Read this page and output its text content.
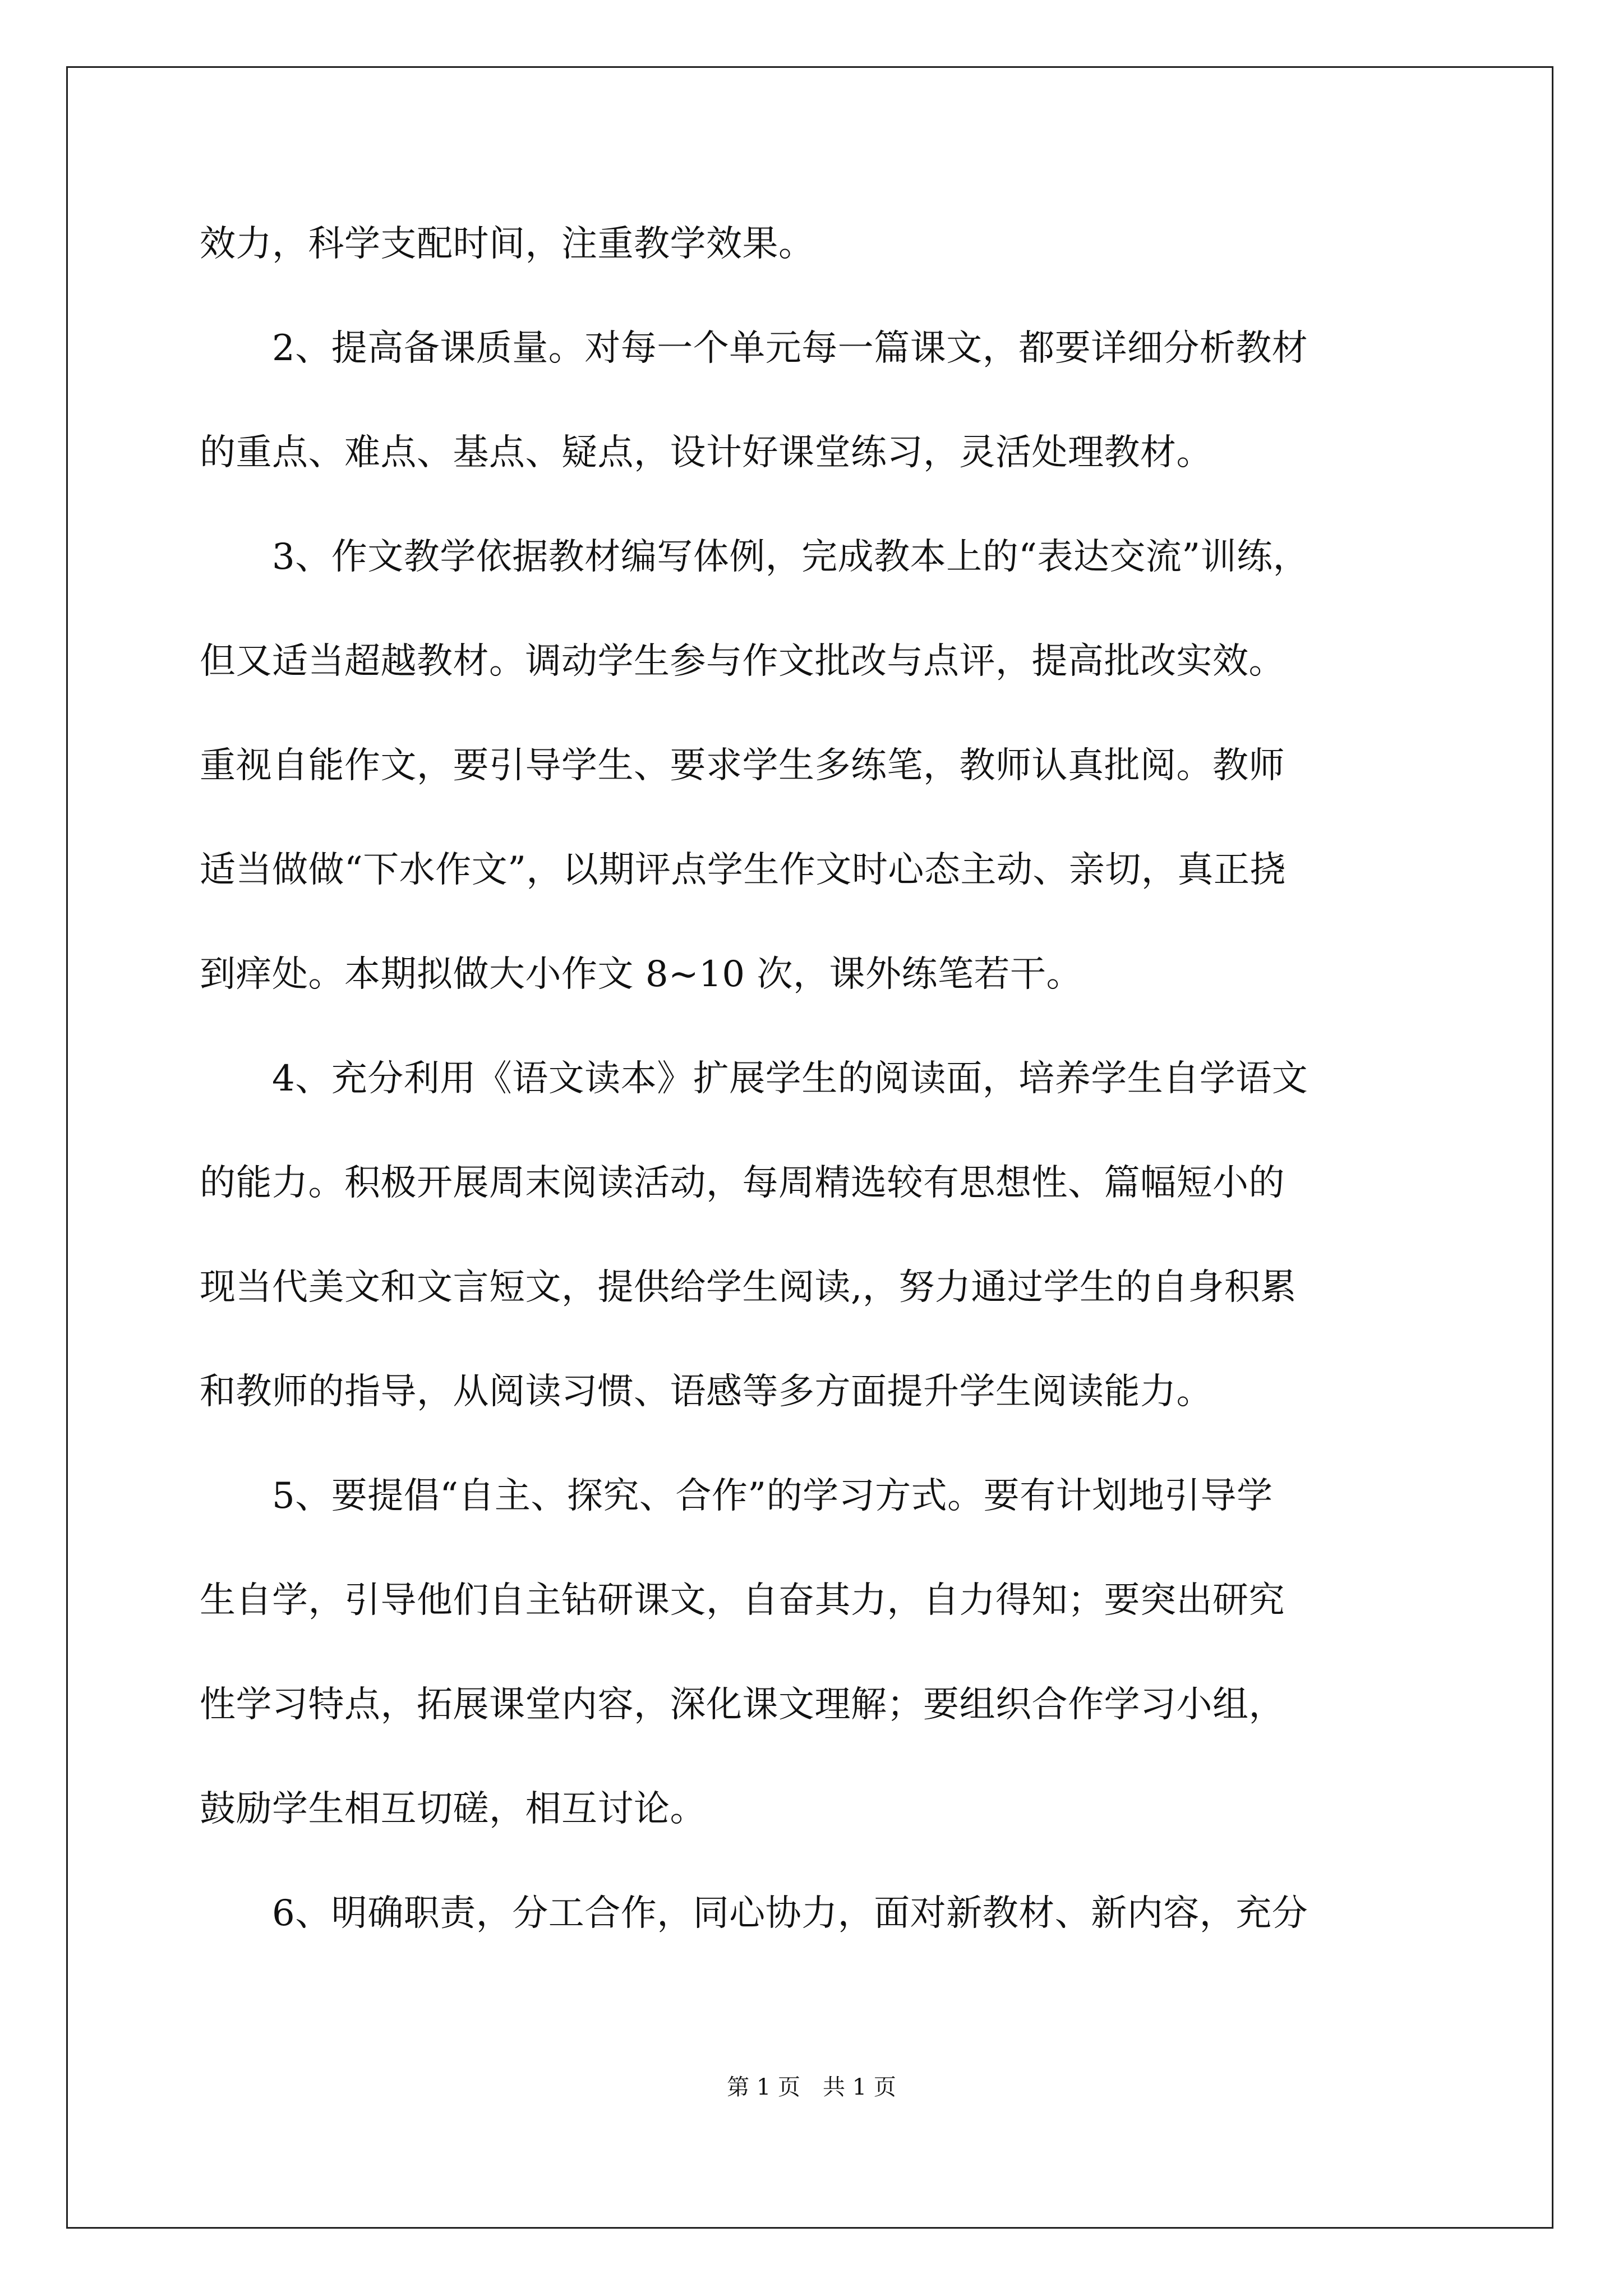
效力，科学支配时间，注重教学效果。
　　2、提高备课质量。对每一个单元每一篇课文，都要详细分析教材
的重点、难点、基点、疑点，设计好课堂练习，灵活处理教材。
　　3、作文教学依据教材编写体例，完成教本上的“表达交流”训练，
但又适当超越教材。调动学生参与作文批改与点评，提高批改实效。
重视自能作文，要引导学生、要求学生多练笔，教师认真批阅。教师
适当做做“下水作文”，以期评点学生作文时心态主动、亲切，真正挠
到痒处。本期拟做大小作文 8~10 次，课外练笔若干。
　　4、充分利用《语文读本》扩展学生的阅读面，培养学生自学语文
的能力。积极开展周末阅读活动，每周精选较有思想性、篇幅短小的
现当代美文和文言短文，提供给学生阅读,，努力通过学生的自身积累
和教师的指导，从阅读习惯、语感等多方面提升学生阅读能力。
　　5、要提倡“自主、探究、合作”的学习方式。要有计划地引导学
生自学，引导他们自主钻研课文，自奋其力，自力得知；要突出研究
性学习特点，拓展课堂内容，深化课文理解；要组织合作学习小组，
鼓励学生相互切磋，相互讨论。
　　6、明确职责，分工合作，同心协力，面对新教材、新内容，充分
第 1 页　共 1 页
